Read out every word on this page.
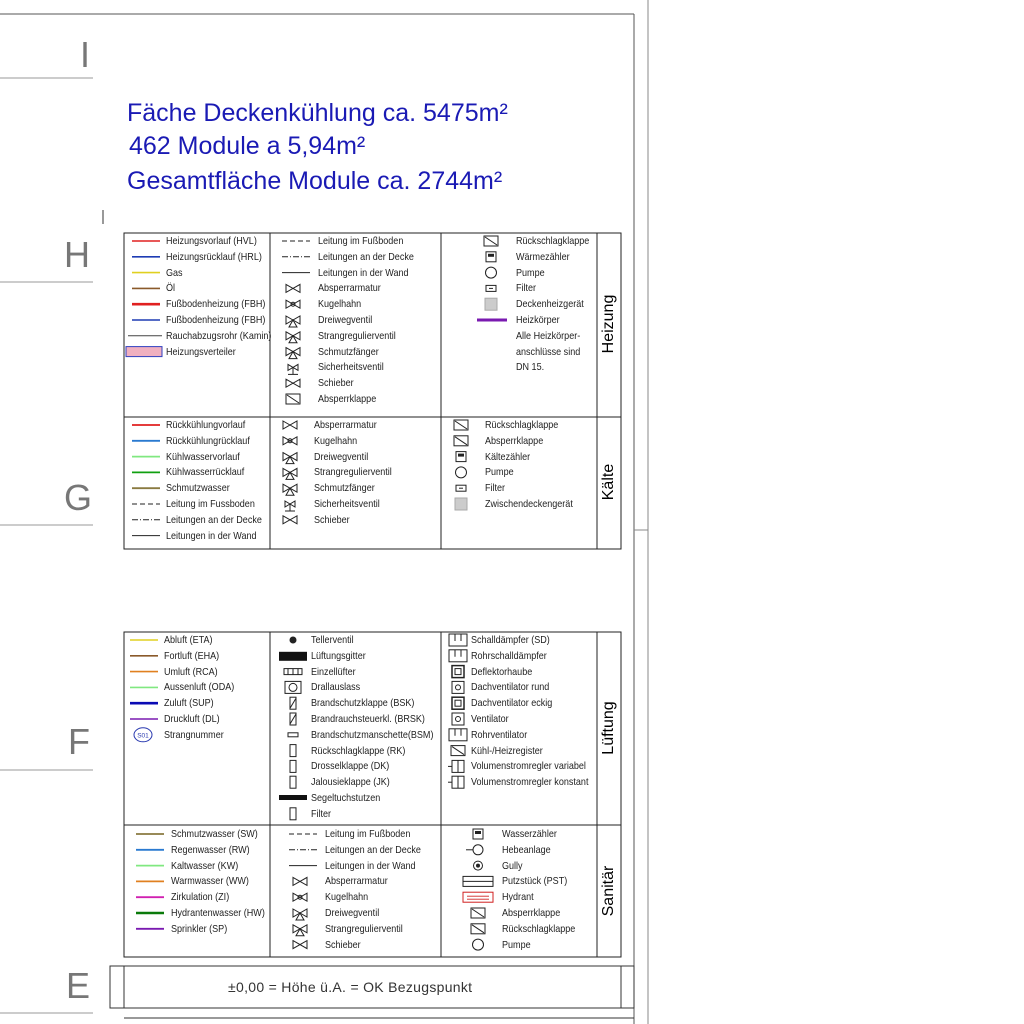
S01
I
H
G
F
E
Fäche Deckenkühlung ca. 5475m²
462 Module a 5,94m²
Gesamtfläche Module ca. 2744m²
Heizung
Kälte
Lüftung
Sanitär
Heizungsvorlauf (HVL)
Heizungsrücklauf (HRL)
Gas
Öl
Fußbodenheizung (FBH)
Fußbodenheizung (FBH)
Rauchabzugsrohr (Kamin)
Heizungsverteiler
Leitung im Fußboden
Leitungen an der Decke
Leitungen in der Wand
Absperrarmatur
Kugelhahn
Dreiwegventil
Strangregulierventil
Schmutzfänger
Sicherheitsventil
Schieber
Absperrklappe
Rückschlagklappe
Wärmezähler
Pumpe
Filter
Deckenheizgerät
Heizkörper
Alle Heizkörper-
anschlüsse sind
DN 15.
Rückkühlungvorlauf
Rückkühlungrücklauf
Kühlwasservorlauf
Kühlwasserrücklauf
Schmutzwasser
Leitung im Fussboden
Leitungen an der Decke
Leitungen in der Wand
Absperrarmatur
Kugelhahn
Dreiwegventil
Strangregulierventil
Schmutzfänger
Sicherheitsventil
Schieber
Rückschlagklappe
Absperrklappe
Kältezähler
Pumpe
Filter
Zwischendeckengerät
Abluft (ETA)
Fortluft (EHA)
Umluft (RCA)
Aussenluft (ODA)
Zuluft (SUP)
Druckluft (DL)
Strangnummer
Tellerventil
Lüftungsgitter
Einzellüfter
Drallauslass
Brandschutzklappe (BSK)
Brandrauchsteuerkl. (BRSK)
Brandschutzmanschette(BSM)
Rückschlagklappe (RK)
Drosselklappe (DK)
Jalousieklappe (JK)
Segeltuchstutzen
Filter
Schalldämpfer (SD)
Rohrschalldämpfer
Deflektorhaube
Dachventilator rund
Dachventilator eckig
Ventilator
Rohrventilator
Kühl-/Heizregister
Volumenstromregler variabel
Volumenstromregler konstant
Schmutzwasser (SW)
Regenwasser (RW)
Kaltwasser (KW)
Warmwasser (WW)
Zirkulation (ZI)
Hydrantenwasser (HW)
Sprinkler (SP)
Leitung im Fußboden
Leitungen an der Decke
Leitungen in der Wand
Absperrarmatur
Kugelhahn
Dreiwegventil
Strangregulierventil
Schieber
Wasserzähler
Hebeanlage
Gully
Putzstück (PST)
Hydrant
Absperrklappe
Rückschlagklappe
Pumpe
±0,00 = Höhe ü.A. = OK Bezugspunkt
